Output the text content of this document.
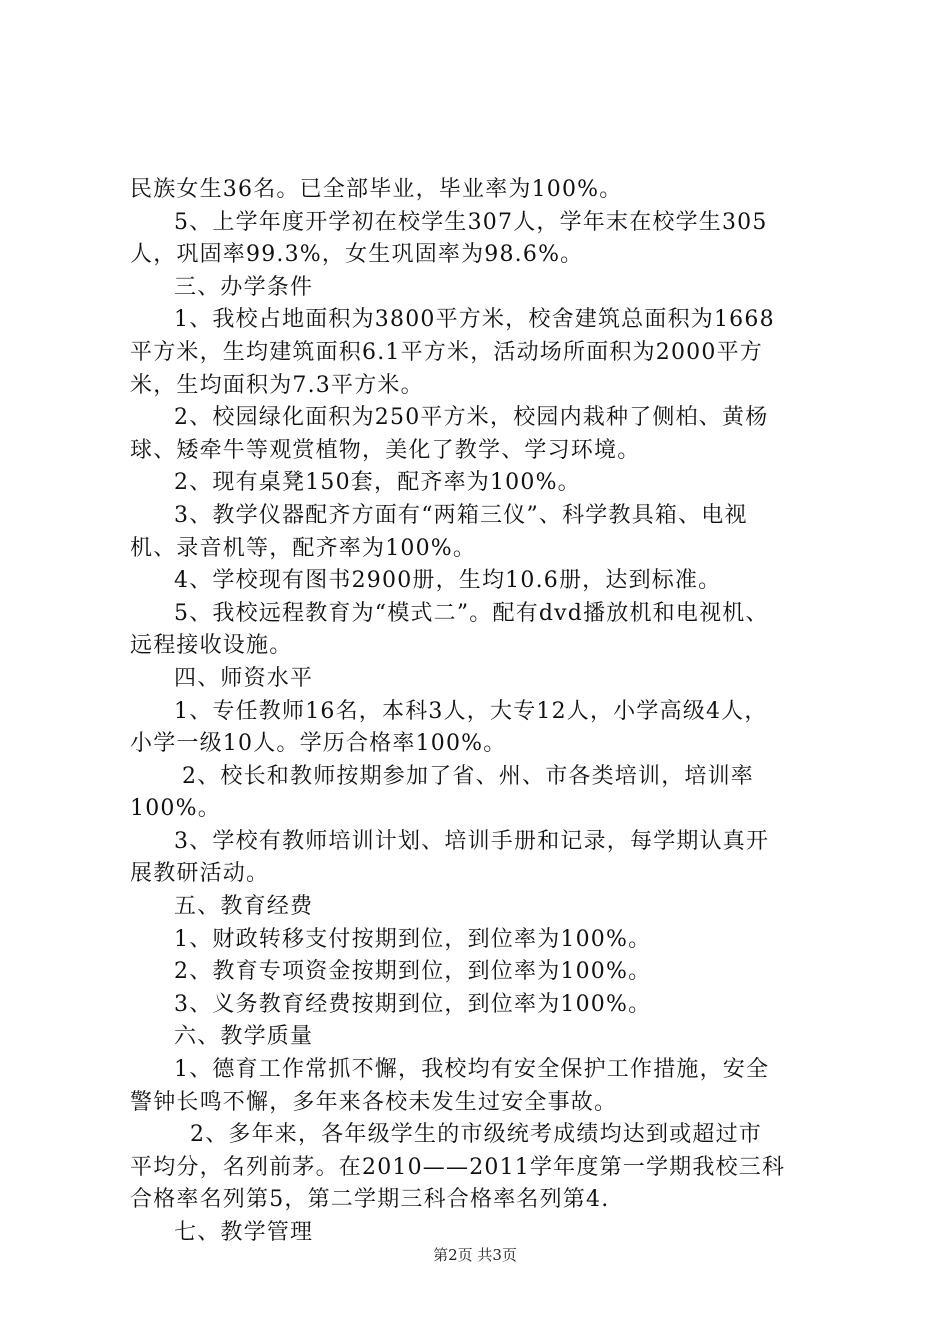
民族女生36名。已全部毕业，毕业率为100%。
5、上学年度开学初在校学生307人，学年末在校学生305
人，巩固率99.3%，女生巩固率为98.6%。
三、办学条件
1、我校占地面积为3800平方米，校舍建筑总面积为1668
平方米，生均建筑面积6.1平方米，活动场所面积为2000平方
米，生均面积为7.3平方米。
2、校园绿化面积为250平方米，校园内栽种了侧柏、黄杨
球、矮牵牛等观赏植物，美化了教学、学习环境。
2、现有桌凳150套，配齐率为100%。
3、教学仪器配齐方面有“两箱三仪”、科学教具箱、电视
机、录音机等，配齐率为100%。
4、学校现有图书2900册，生均10.6册，达到标准。
5、我校远程教育为“模式二”。配有dvd播放机和电视机、
远程接收设施。
四、师资水平
1、专任教师16名，本科3人，大专12人，小学高级4人，
小学一级10人。学历合格率100%。
2、校长和教师按期参加了省、州、市各类培训，培训率
100%。
3、学校有教师培训计划、培训手册和记录，每学期认真开
展教研活动。
五、教育经费
1、财政转移支付按期到位，到位率为100%。
2、教育专项资金按期到位，到位率为100%。
3、义务教育经费按期到位，到位率为100%。
六、教学质量
1、德育工作常抓不懈，我校均有安全保护工作措施，安全
警钟长鸣不懈，多年来各校未发生过安全事故。
2、多年来，各年级学生的市级统考成绩均达到或超过市
平均分，名列前茅。在2010——2011学年度第一学期我校三科
合格率名列第5，第二学期三科合格率名列第4.
七、教学管理
第2页 共3页
